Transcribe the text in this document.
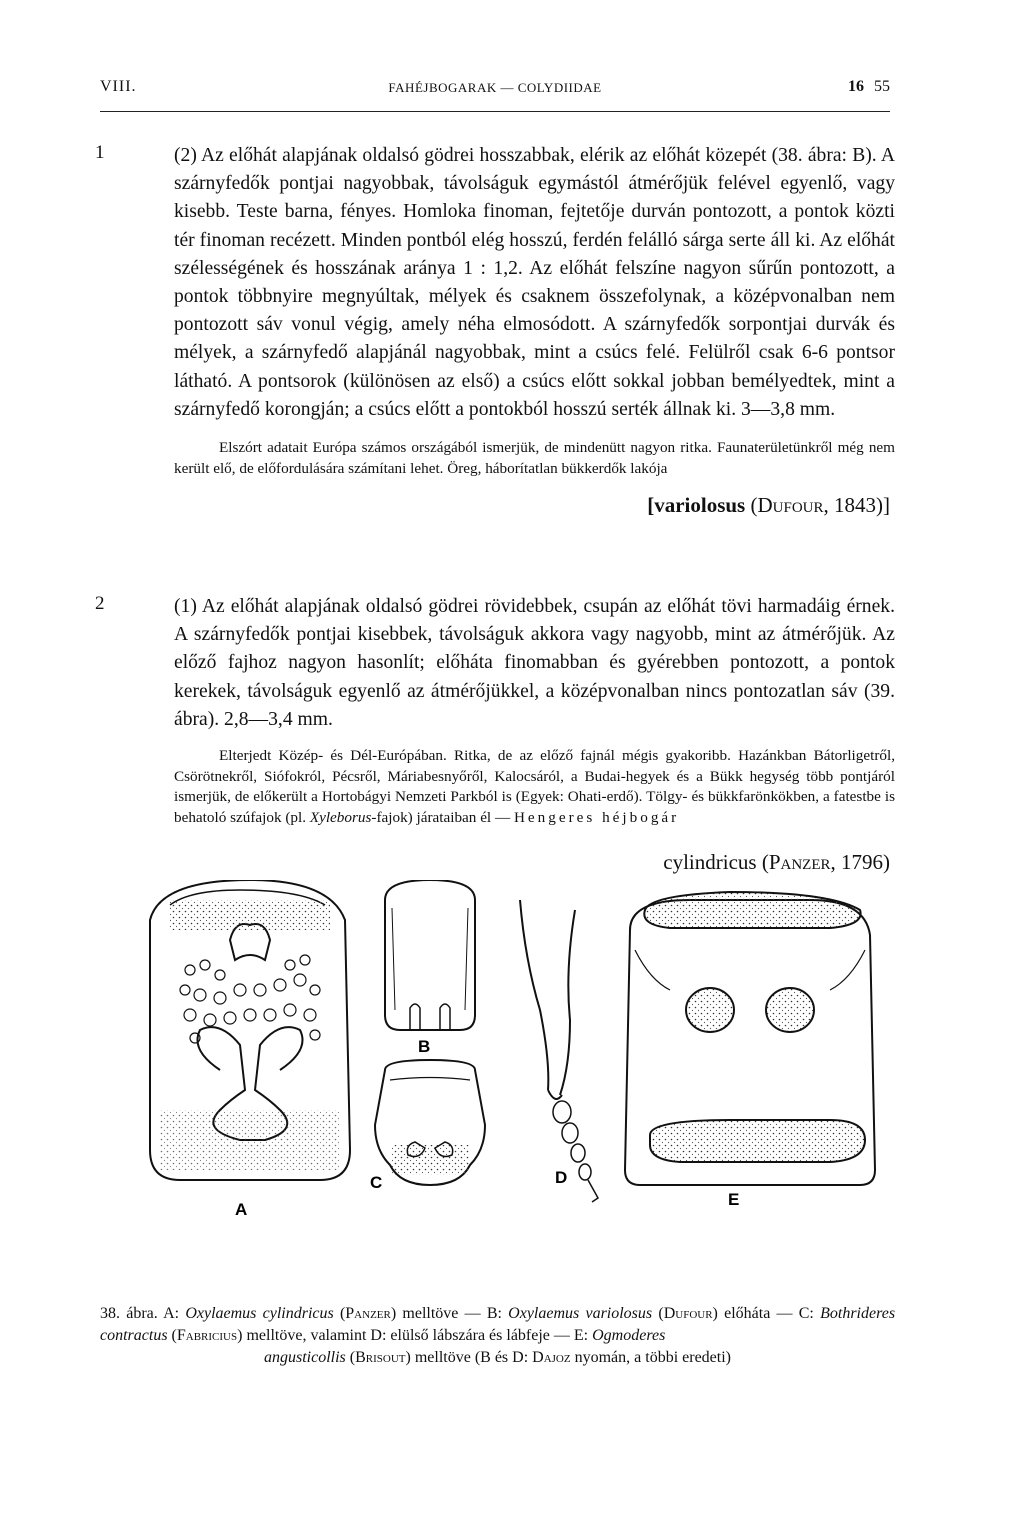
VIII.	FAHÉJBOGARAK — COLYDIIDAE	16 55
1	(2) Az előhát alapjának oldalsó gödrei hosszabbak, elérik az előhát közepét (38. ábra: B). A szárnyfedők pontjai nagyobbak, távolságuk egymástól átmérőjük felével egyenlő, vagy kisebb. Teste barna, fényes. Homloka finoman, fejtetője durván pontozott, a pontok közti tér finoman recézett. Minden pontból elég hosszú, ferdén felálló sárga serte áll ki. Az előhát szélességének és hosszának aránya 1 : 1,2. Az előhát felszíne nagyon sűrűn pontozott, a pontok többnyire megnyúltak, mélyek és csaknem összefolynak, a középvonalban nem pontozott sáv vonul végig, amely néha elmosódott. A szárnyfedők sorpontjai durvák és mélyek, a szárnyfedő alapjánál nagyobbak, mint a csúcs felé. Felülről csak 6-6 pontsor látható. A pontsorok (különösen az első) a csúcs előtt sokkal jobban bemélyedtek, mint a szárnyfedő korongján; a csúcs előtt a pontokból hosszú serték állnak ki. 3—3,8 mm.

Elszórt adatait Európa számos országából ismerjük, de mindenütt nagyon ritka. Faunaterületünkről még nem került elő, de előfordulására számítani lehet. Öreg, háborítatlan bükkerdők lakója

[variolosus (Dufour, 1843)]
2	(1) Az előhát alapjának oldalsó gödrei rövidebbek, csupán az előhát tövi harmadáig érnek. A szárnyfedők pontjai kisebbek, távolságuk akkora vagy nagyobb, mint az átmérőjük. Az előző fajhoz nagyon hasonlít; előháta finomabban és gyérebben pontozott, a pontok kerekek, távolságuk egyenlő az átmérőjükkel, a középvonalban nincs pontozatlan sáv (39. ábra). 2,8—3,4 mm.

Elterjedt Közép- és Dél-Európában. Ritka, de az előző fajnál mégis gyakoribb. Hazánkban Bátorligetről, Csörötnekről, Siófokról, Pécsről, Máriabesnyőről, Kalocsáról, a Budai-hegyek és a Bükk hegység több pontjáról ismerjük, de előkerült a Hortobágyi Nemzeti Parkból is (Egyek: Ohati-erdő). Tölgy- és bükkfarönkökben, a fatestbe is behatoló szúfajok (pl. Xyleborus-fajok) járataiban él — Hengeres héjbogár

cylindricus (Panzer, 1796)
A
B
C	D
E
38. ábra. A: Oxylaemus cylindricus (Panzer) melltöve — B: Oxylaemus variolosus (Dufour) előháta — C: Bothrideres contractus (Fabricius) melltöve, valamint D: elülső lábszára és lábfeje — E: Ogmoderes
angusticollis (Brisout) melltöve (B és D: Dajoz nyomán, a többi eredeti)
